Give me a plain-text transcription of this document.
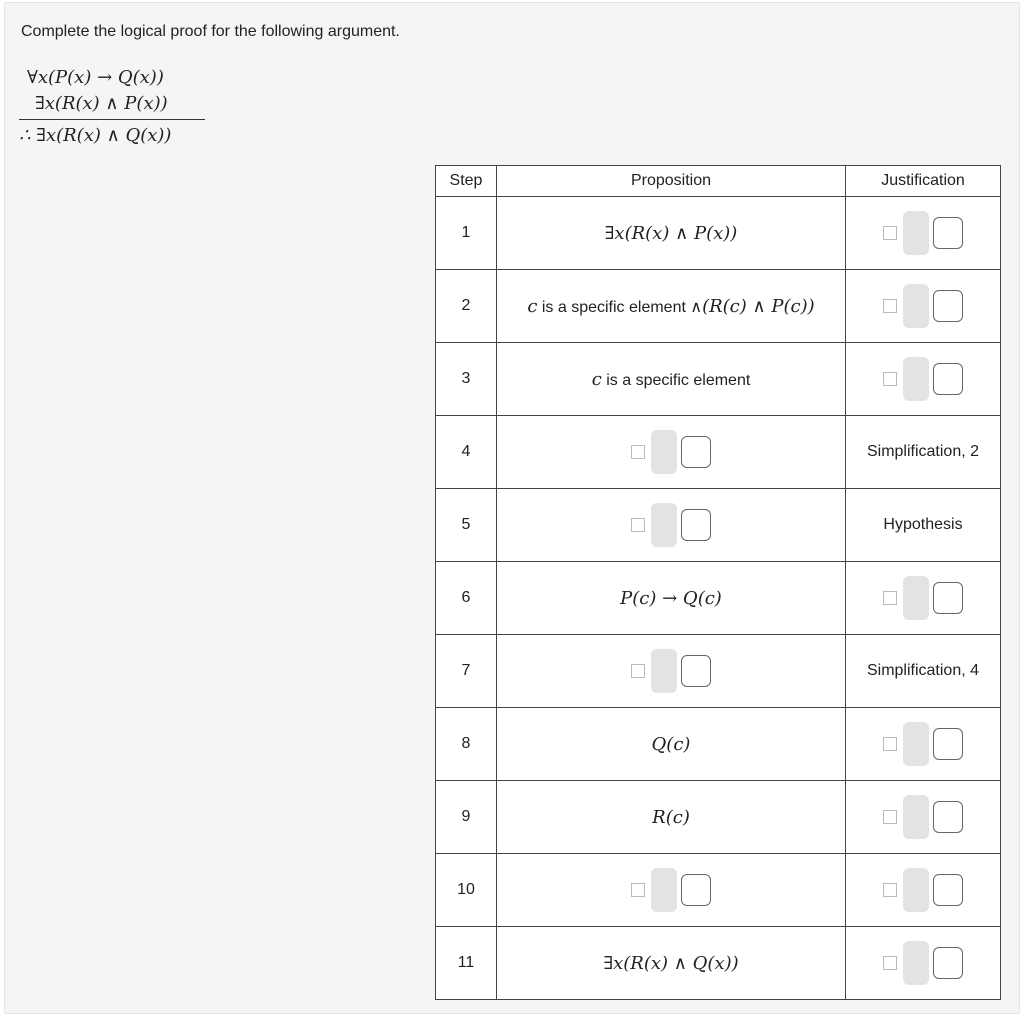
Complete the logical proof for the following argument.
∀x(P(x) → Q(x))
∃x(R(x) ∧ P(x))
∴ ∃x(R(x) ∧ Q(x))
Step	Proposition	Justification
1	∃x(R(x) ∧ P(x))	

2	c is a specific element ∧(R(c) ∧ P(c))	

3	c is a specific element	

4		Simplification, 2
5		Hypothesis
6	P(c) → Q(c)	

7		Simplification, 4
8	Q(c)	

9	R(c)	

10	

11	∃x(R(x) ∧ Q(x))	
